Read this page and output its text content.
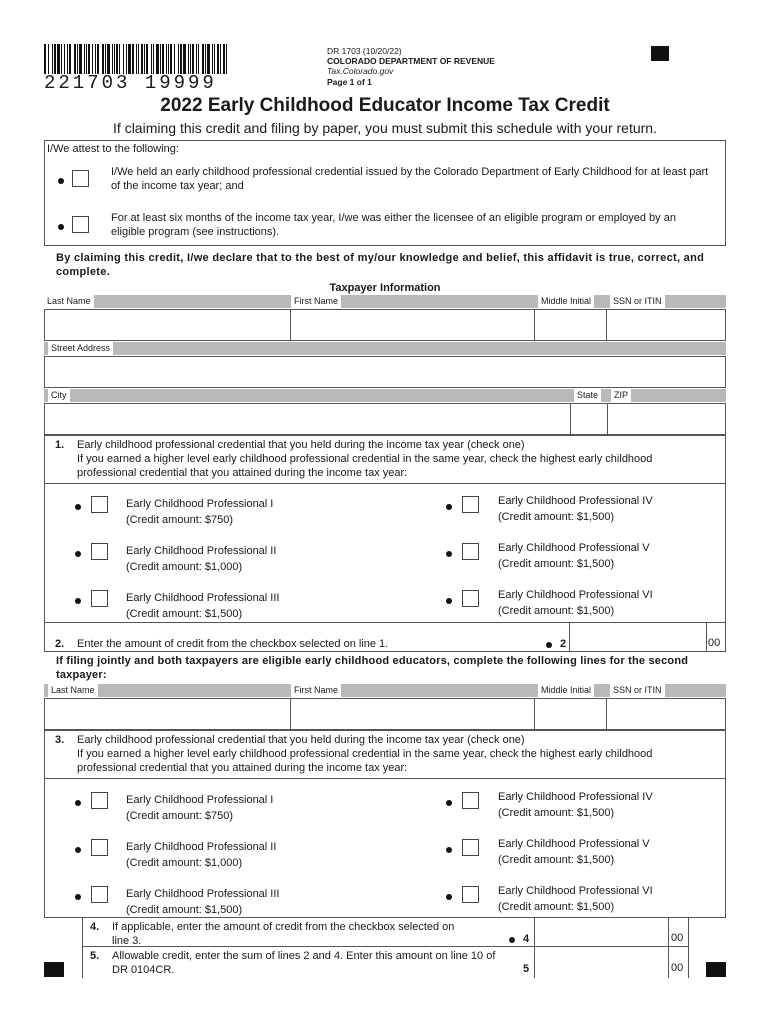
221703 19999
DR 1703 (10/20/22)
COLORADO DEPARTMENT OF REVENUE
Tax.Colorado.gov
Page 1 of 1
2022 Early Childhood Educator Income Tax Credit
If claiming this credit and filing by paper, you must submit this schedule with your return.
I/We attest to the following:
I/We held an early childhood professional credential issued by the Colorado Department of Early Childhood for at least part of the income tax year; and
For at least six months of the income tax year, I/we was either the licensee of an eligible program or employed by an eligible program (see instructions).
By claiming this credit, I/we declare that to the best of my/our knowledge and belief, this affidavit is true, correct, and complete.
Taxpayer Information
Last Name	First Name	Middle Initial	SSN or ITIN
Street Address
City	State	ZIP
1. Early childhood professional credential that you held during the income tax year (check one)
If you earned a higher level early childhood professional credential in the same year, check the highest early childhood professional credential that you attained during the income tax year:
Early Childhood Professional I
(Credit amount: $750)
Early Childhood Professional II
(Credit amount: $1,000)
Early Childhood Professional III
(Credit amount: $1,500)
Early Childhood Professional IV
(Credit amount: $1,500)
Early Childhood Professional V
(Credit amount: $1,500)
Early Childhood Professional VI
(Credit amount: $1,500)
2. Enter the amount of credit from the checkbox selected on line 1.	2	00
If filing jointly and both taxpayers are eligible early childhood educators, complete the following lines for the second taxpayer:
Last Name	First Name	Middle Initial	SSN or ITIN
3. Early childhood professional credential that you held during the income tax year (check one)
If you earned a higher level early childhood professional credential in the same year, check the highest early childhood professional credential that you attained during the income tax year:
Early Childhood Professional I
(Credit amount: $750)
Early Childhood Professional II
(Credit amount: $1,000)
Early Childhood Professional III
(Credit amount: $1,500)
Early Childhood Professional IV
(Credit amount: $1,500)
Early Childhood Professional V
(Credit amount: $1,500)
Early Childhood Professional VI
(Credit amount: $1,500)
4. If applicable, enter the amount of credit from the checkbox selected on line 3.	4	00
5. Allowable credit, enter the sum of lines 2 and 4. Enter this amount on line 10 of DR 0104CR.	5	00
